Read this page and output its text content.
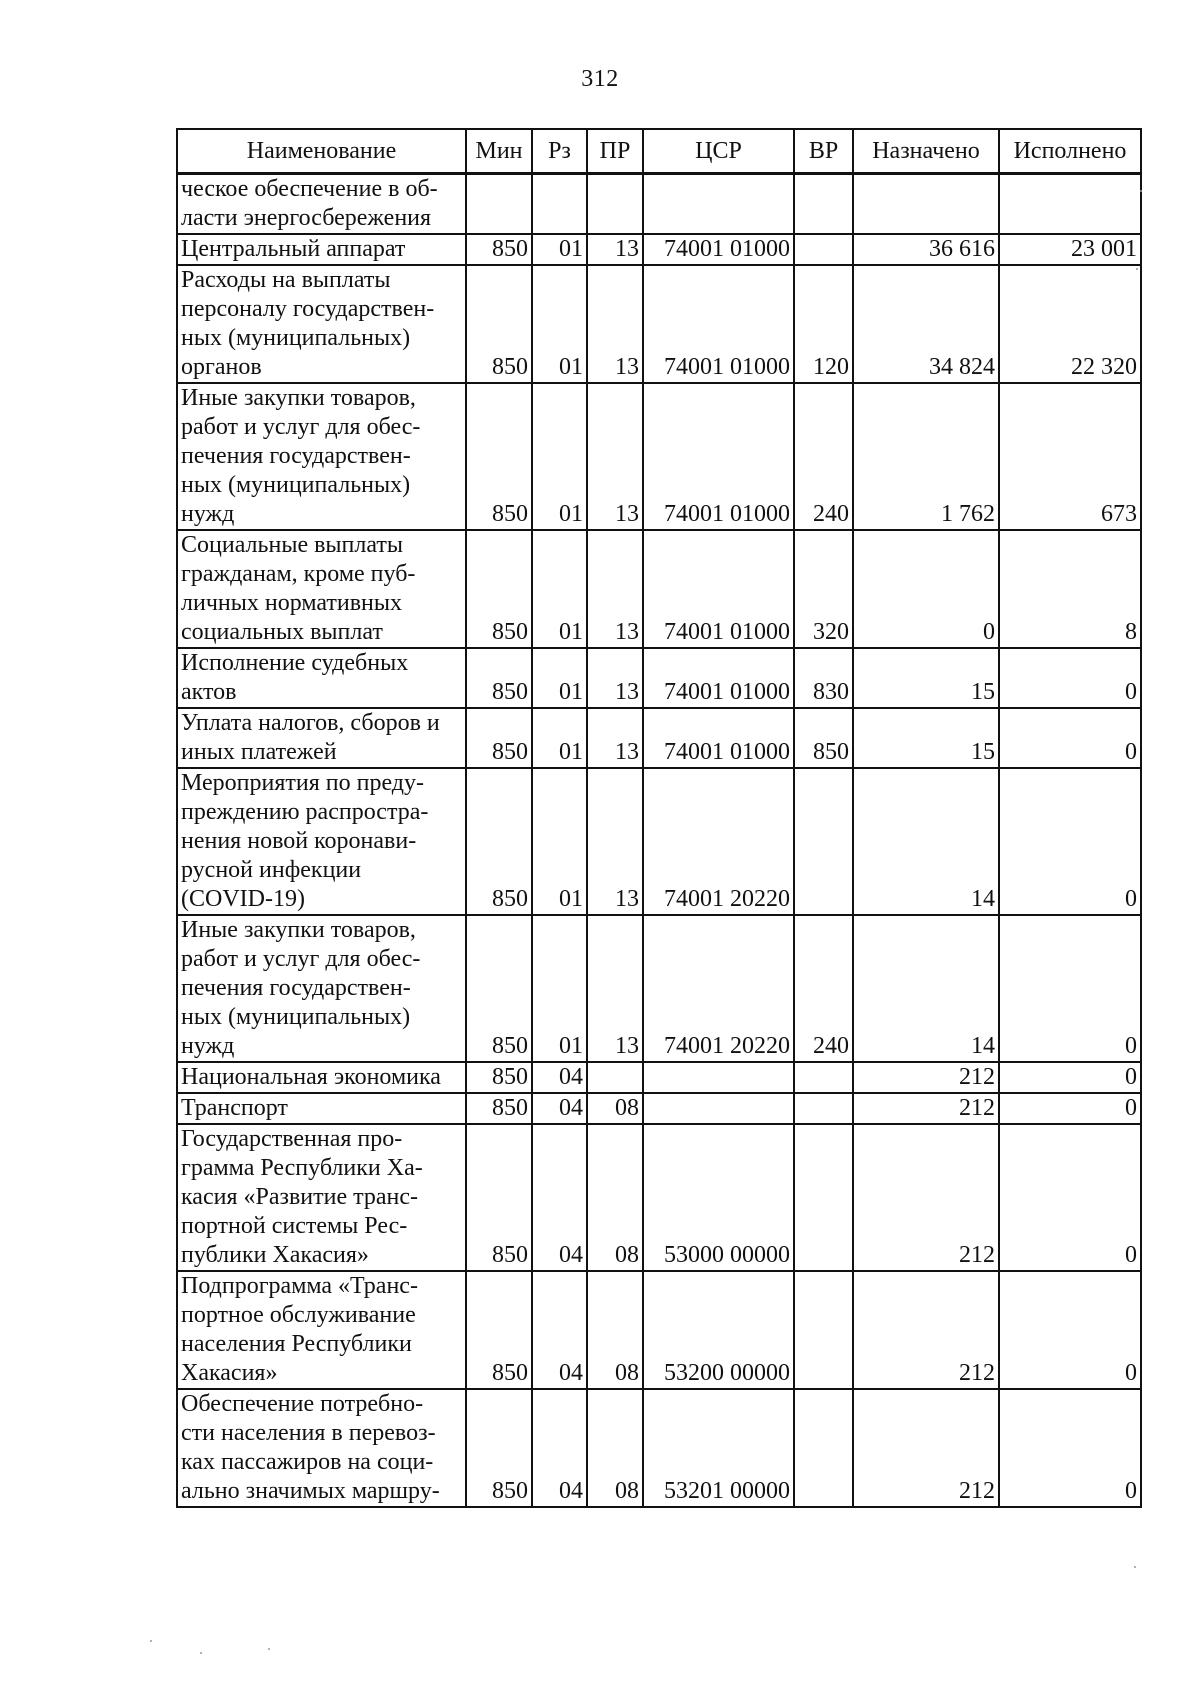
312
Наименование	Мин	Рз	ПР	ЦСР	ВР	Назначено	Исполнено
ческое обеспечение в об-
ласти энергосбережения							
Центральный аппарат	850	01	13	74001 01000		36 616	23 001
Расходы на выплаты
персоналу государствен-
ных (муниципальных)
органов	850	01	13	74001 01000	120	34 824	22 320
Иные закупки товаров,
работ и услуг для обес-
печения государствен-
ных (муниципальных)
нужд	850	01	13	74001 01000	240	1 762	673
Социальные выплаты
гражданам, кроме пуб-
личных нормативных
социальных выплат	850	01	13	74001 01000	320	0	8
Исполнение судебных
актов	850	01	13	74001 01000	830	15	0
Уплата налогов, сборов и
иных платежей	850	01	13	74001 01000	850	15	0
Мероприятия по преду-
преждению распростра-
нения новой коронави-
русной инфекции
(COVID-19)	850	01	13	74001 20220		14	0
Иные закупки товаров,
работ и услуг для обес-
печения государствен-
ных (муниципальных)
нужд	850	01	13	74001 20220	240	14	0
Национальная экономика	850	04				212	0
Транспорт	850	04	08			212	0
Государственная про-
грамма Республики Ха-
касия «Развитие транс-
портной системы Рес-
публики Хакасия»	850	04	08	53000 00000		212	0
Подпрограмма «Транс-
портное обслуживание
населения Республики
Хакасия»	850	04	08	53200 00000		212	0
Обеспечение потребно-
сти населения в перевоз-
ках пассажиров на соци-
ально значимых маршру-	850	04	08	53201 00000		212	0
